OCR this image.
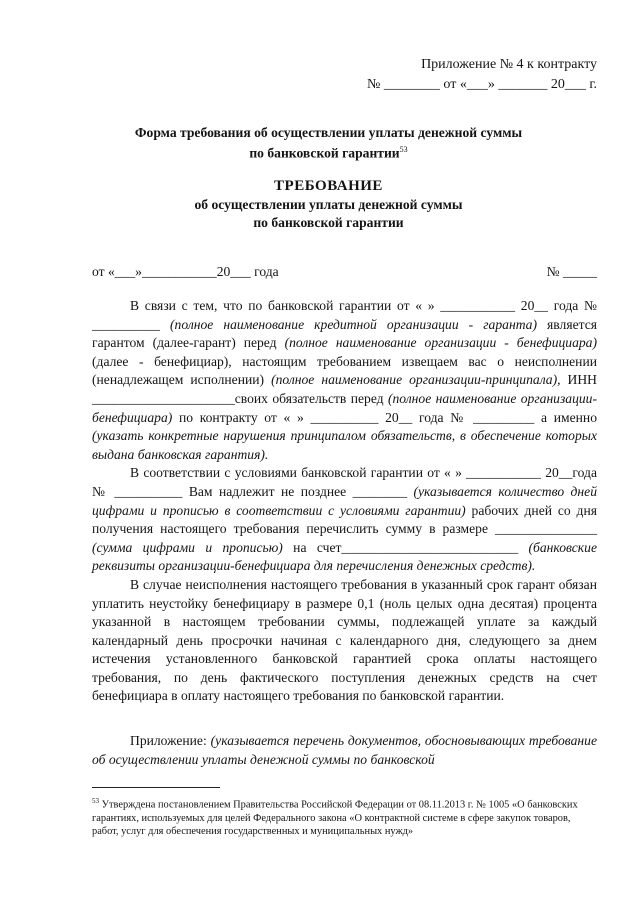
Приложение № 4 к контракту
№ ________ от «___» _______ 20___ г.
Форма требования об осуществлении уплаты денежной суммы
по банковской гарантии$^{53}$
ТРЕБОВАНИЕ
об осуществлении уплаты денежной суммы
по банковской гарантии
от «___»___________20___ года	№ _____

В связи с тем, что по банковской гарантии от « » ___________ 20__ года № __________ (полное наименование кредитной организации - гаранта) является гарантом (далее-гарант) перед (полное наименование организации - бенефициара) (далее - бенефициар), настоящим требованием извещаем вас о неисполнении (ненадлежащем исполнении) (полное наименование организации-принципала), ИНН _____________________своих обязательств перед (полное наименование организации-бенефициара) по контракту от « » __________ 20__ года № _________ а именно (указать конкретные нарушения принципалом обязательств, в обеспечение которых выдана банковская гарантия).

В соответствии с условиями банковской гарантии от « » ___________ 20__года № __________ Вам надлежит не позднее ________ (указывается количество дней цифрами и прописью в соответствии с условиями гарантии) рабочих дней со дня получения настоящего требования перечислить сумму в размере _______________ (сумма цифрами и прописью) на счет__________________________ (банковские реквизиты организации-бенефициара для перечисления денежных средств).

В случае неисполнения настоящего требования в указанный срок гарант обязан уплатить неустойку бенефициару в размере 0,1 (ноль целых одна десятая) процента указанной в настоящем требовании суммы, подлежащей уплате за каждый календарный день просрочки начиная с календарного дня, следующего за днем истечения установленного банковской гарантией срока оплаты настоящего требования, по день фактического поступления денежных средств на счет бенефициара в оплату настоящего требования по банковской гарантии.

Приложение: (указывается перечень документов, обосновывающих требование об осуществлении уплаты денежной суммы по банковской

$^{53}$ Утверждена постановлением Правительства Российской Федерации от 08.11.2013 г. № 1005 «О банковских гарантиях, используемых для целей Федерального закона «О контрактной системе в сфере закупок товаров, работ, услуг для обеспечения государственных и муниципальных нужд»
